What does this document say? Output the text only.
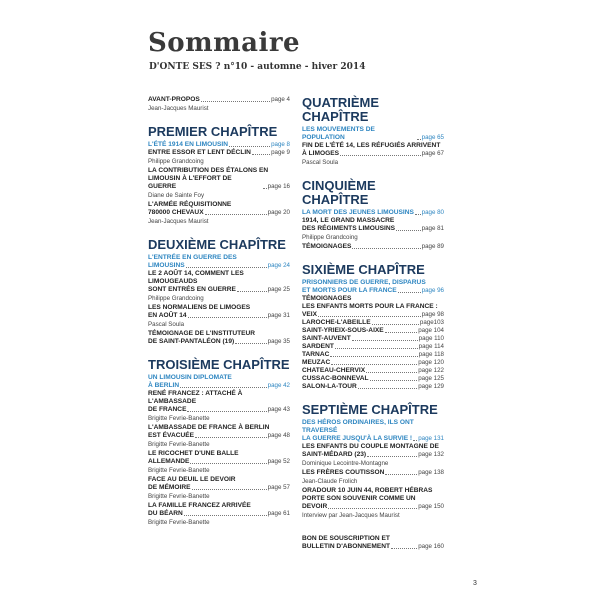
Sommaire
D'ONTE SES ? n°10 - automne - hiver 2014
AVANT-PROPOS	page 4
Jean-Jacques Maurist
PREMIER CHAPÎTRE
L'ÉTÉ 1914 EN LIMOUSIN	page 8
ENTRE ESSOR ET LENT DÉCLIN	page 9
Philippe Grandcoing
LA CONTRIBUTION DES ÉTALONS EN
LIMOUSIN À L'EFFORT DE GUERRE	page 16
Diane de Sainte Foy
L'ARMÉE RÉQUISITIONNE
780000 CHEVAUX	page 20
Jean-Jacques Maurist
DEUXIÈME CHAPÎTRE
L'ENTRÉE EN GUERRE DES
LIMOUSINS	page 24
LE 2 AOÛT 14, COMMENT LES LIMOUGEAUDS
SONT ENTRÉS EN GUERRE	page 25
Philippe Grandcoing
LES NORMALIENS DE LIMOGES
EN AOÛT 14	page 31
Pascal Soula
TÉMOIGNAGE DE L'INSTITUTEUR
DE SAINT-PANTALÉON (19)	page 35
TROISIÈME CHAPÎTRE
UN LIMOUSIN DIPLOMATE
À BERLIN	page 42
RENÉ FRANCEZ : ATTACHÉ À L'AMBASSADE
DE FRANCE	page 43
Brigitte Fevrie-Banette
L'AMBASSADE DE FRANCE À BERLIN
EST ÉVACUÉE	page 48
Brigitte Fevrie-Banette
LE RICOCHET D'UNE BALLE
ALLEMANDE	page 52
Brigitte Fevrie-Banette
FACE AU DEUIL LE DEVOIR
DE MÉMOIRE	page 57
Brigitte Fevrie-Banette
LA FAMILLE FRANCEZ ARRIVÉE
DU BÉARN	page 61
Brigitte Fevrie-Banette
QUATRIÈME CHAPÎTRE
LES MOUVEMENTS DE POPULATION	page 65
FIN DE L'ÉTÉ 14, LES RÉFUGIÉS ARRIVENT
À LIMOGES	page 67
Pascal Soula
CINQUIÈME CHAPÎTRE
LA MORT DES JEUNES LIMOUSINS page 80
1914, LE GRAND MASSACRE
DES RÉGIMENTS LIMOUSINS	page 81
Philippe Grandcoing
TÉMOIGNAGES	page 89
SIXIÈME CHAPÎTRE
PRISONNIERS DE GUERRE, DISPARUS
ET MORTS POUR LA FRANCE	page 96
TÉMOIGNAGES
LES ENFANTS MORTS POUR LA FRANCE :
VEIX	page 98
LAROCHE-L'ABEILLE	page103
SAINT-YRIEIX-SOUS-AIXE	page 104
SAINT-AUVENT	page 110
SARDENT	page 114
TARNAC	page 118
MEUZAC	page 120
CHATEAU-CHERVIX	page 122
CUSSAC-BONNEVAL	page 125
SALON-LA-TOUR	page 129
SEPTIÈME CHAPÎTRE
DES HÉROS ORDINAIRES, ILS ONT TRAVERSÉ
LA GUERRE JUSQU'À LA SURVIE ! page 131
LES ENFANTS DU COUPLE MONTAGNE DE
SAINT-MÉDARD (23)	page 132
Dominique Lecointre-Montagne
LES FRÈRES COUTISSON	page 138
Jean-Claude Frolich
ORADOUR 10 JUIN 44, ROBERT HÉBRAS
PORTE SON SOUVENIR COMME UN
DEVOIR	page 150
Interview par Jean-Jacques Maurist
BON DE SOUSCRIPTION ET
BULLETIN D'ABONNEMENT	page 160
3
